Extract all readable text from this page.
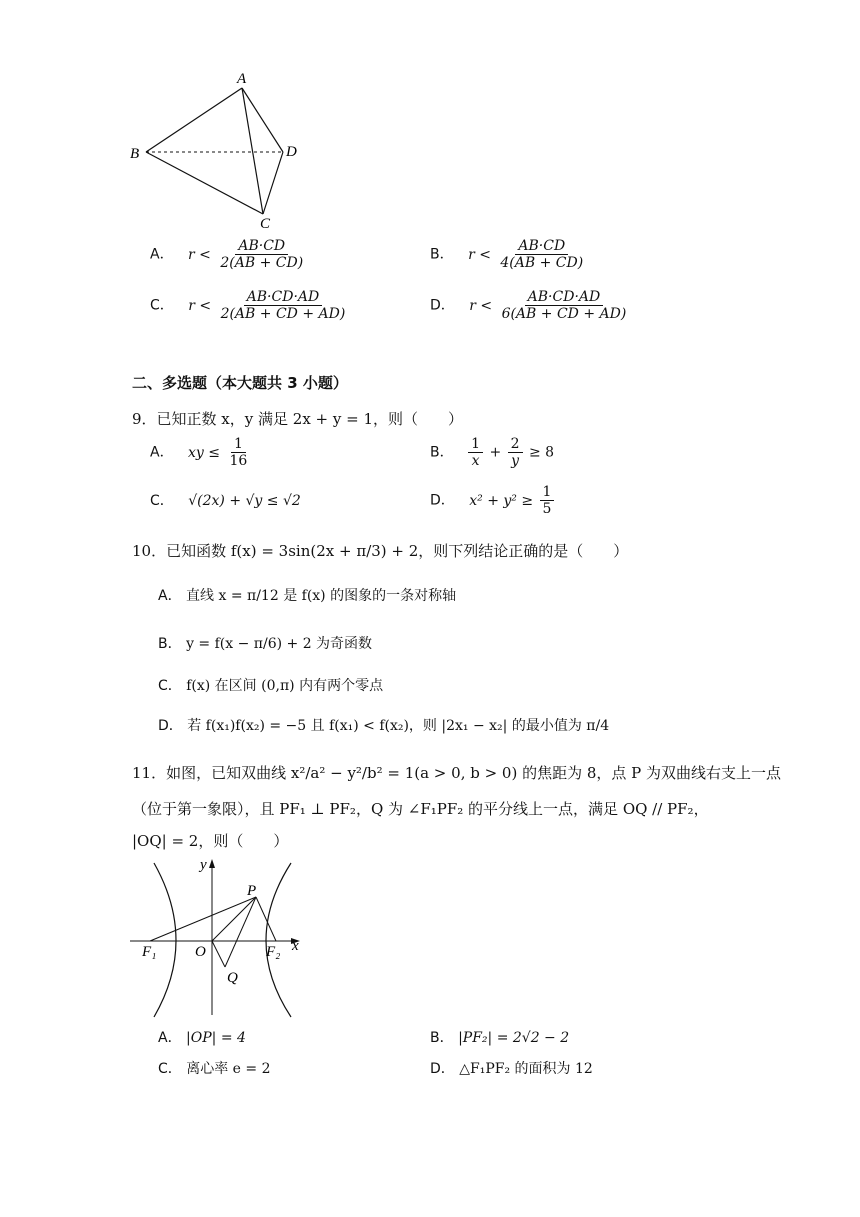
A
B	D
C
A． $r < \frac{AB\cdot CD}{2(AB + CD)}$	B． $r < \frac{AB\cdot CD}{4(AB + CD)}$
C． $r < \frac{AB\cdot CD\cdot AD}{2(AB + CD + AD)}$	D． $r < \frac{AB\cdot CD\cdot AD}{6(AB + CD + AD)}$
二、多选题（本大题共 3 小题）
9．已知正数 x，y 满足 2x + y = 1，则（　　）
A． xy ≤ $\frac{1}{16}$	B． $\frac{1}{x} + \frac{2}{y} \ge 8$
C． √(2x) + √y ≤ √2	D． $x^2 + y^2 \ge \frac{1}{5}$
10．已知函数 f(x) = 3sin(2x + π/3) + 2，则下列结论正确的是（　　）
A． 直线 x = π/12 是 f(x) 的图象的一条对称轴
B． y = f(x − π/6) + 2 为奇函数
C． f(x) 在区间 (0,π) 内有两个零点
D． 若 f(x₁)f(x₂) = −5 且 f(x₁) < f(x₂)，则 |2x₁ − x₂| 的最小值为 π/4
11．如图，已知双曲线 x²/a² − y²/b² = 1(a > 0, b > 0) 的焦距为 8，点 P 为双曲线右支上一点
（位于第一象限），且 PF₁ ⊥ PF₂，Q 为 ∠F₁PF₂ 的平分线上一点，满足 OQ // PF₂，
|OQ| = 2，则（　　）
y
x
P
O
Q
F₁	F₂
A． |OP| = 4	B． |PF₂| = 2√2 − 2
C． 离心率 e = 2	D． △F₁PF₂ 的面积为 12
